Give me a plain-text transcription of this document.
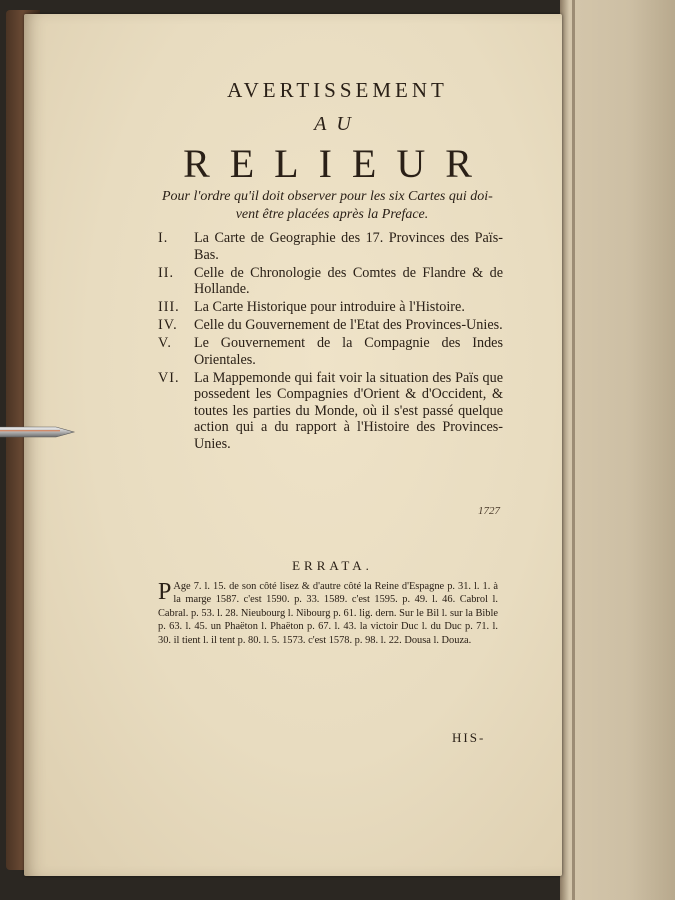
AVERTISSEMENT
AU
RELIEUR
Pour l'ordre qu'il doit observer pour les six Cartes qui doi-
vent être placées après la Preface.
I.	La Carte de Geographie des 17. Provinces des Païs-Bas.
II.	Celle de Chronologie des Comtes de Flandre & de Hollande.
III.	La Carte Historique pour introduire à l'Histoire.
IV.	Celle du Gouvernement de l'Etat des Provinces-Unies.
V.	Le Gouvernement de la Compagnie des Indes Orientales.
VI.	La Mappemonde qui fait voir la situation des Païs que possedent les Compagnies d'Orient & d'Occident, & toutes les parties du Monde, où il s'est passé quelque action qui a du rapport à l'Histoire des Provinces-Unies.
1727
ERRATA.
P Age 7. l. 15. de son côté lisez & d'autre côté la Reine d'Espagne p. 31. l. 1. à la marge 1587. c'est 1590. p. 33. 1589. c'est 1595. p. 49. l. 46. Cabrol l. Cabral. p. 53. l. 28. Nieubourg l. Nibourg p. 61. lig. dern. Sur le Bil l. sur la Bible p. 63. l. 45. un Phaëton l. Phaëton p. 67. l. 43. la victoir Duc l. du Duc p. 71. l. 30. il tient l. il tent p. 80. l. 5. 1573. c'est 1578. p. 98. l. 22. Dousa l. Douza.
HIS-
